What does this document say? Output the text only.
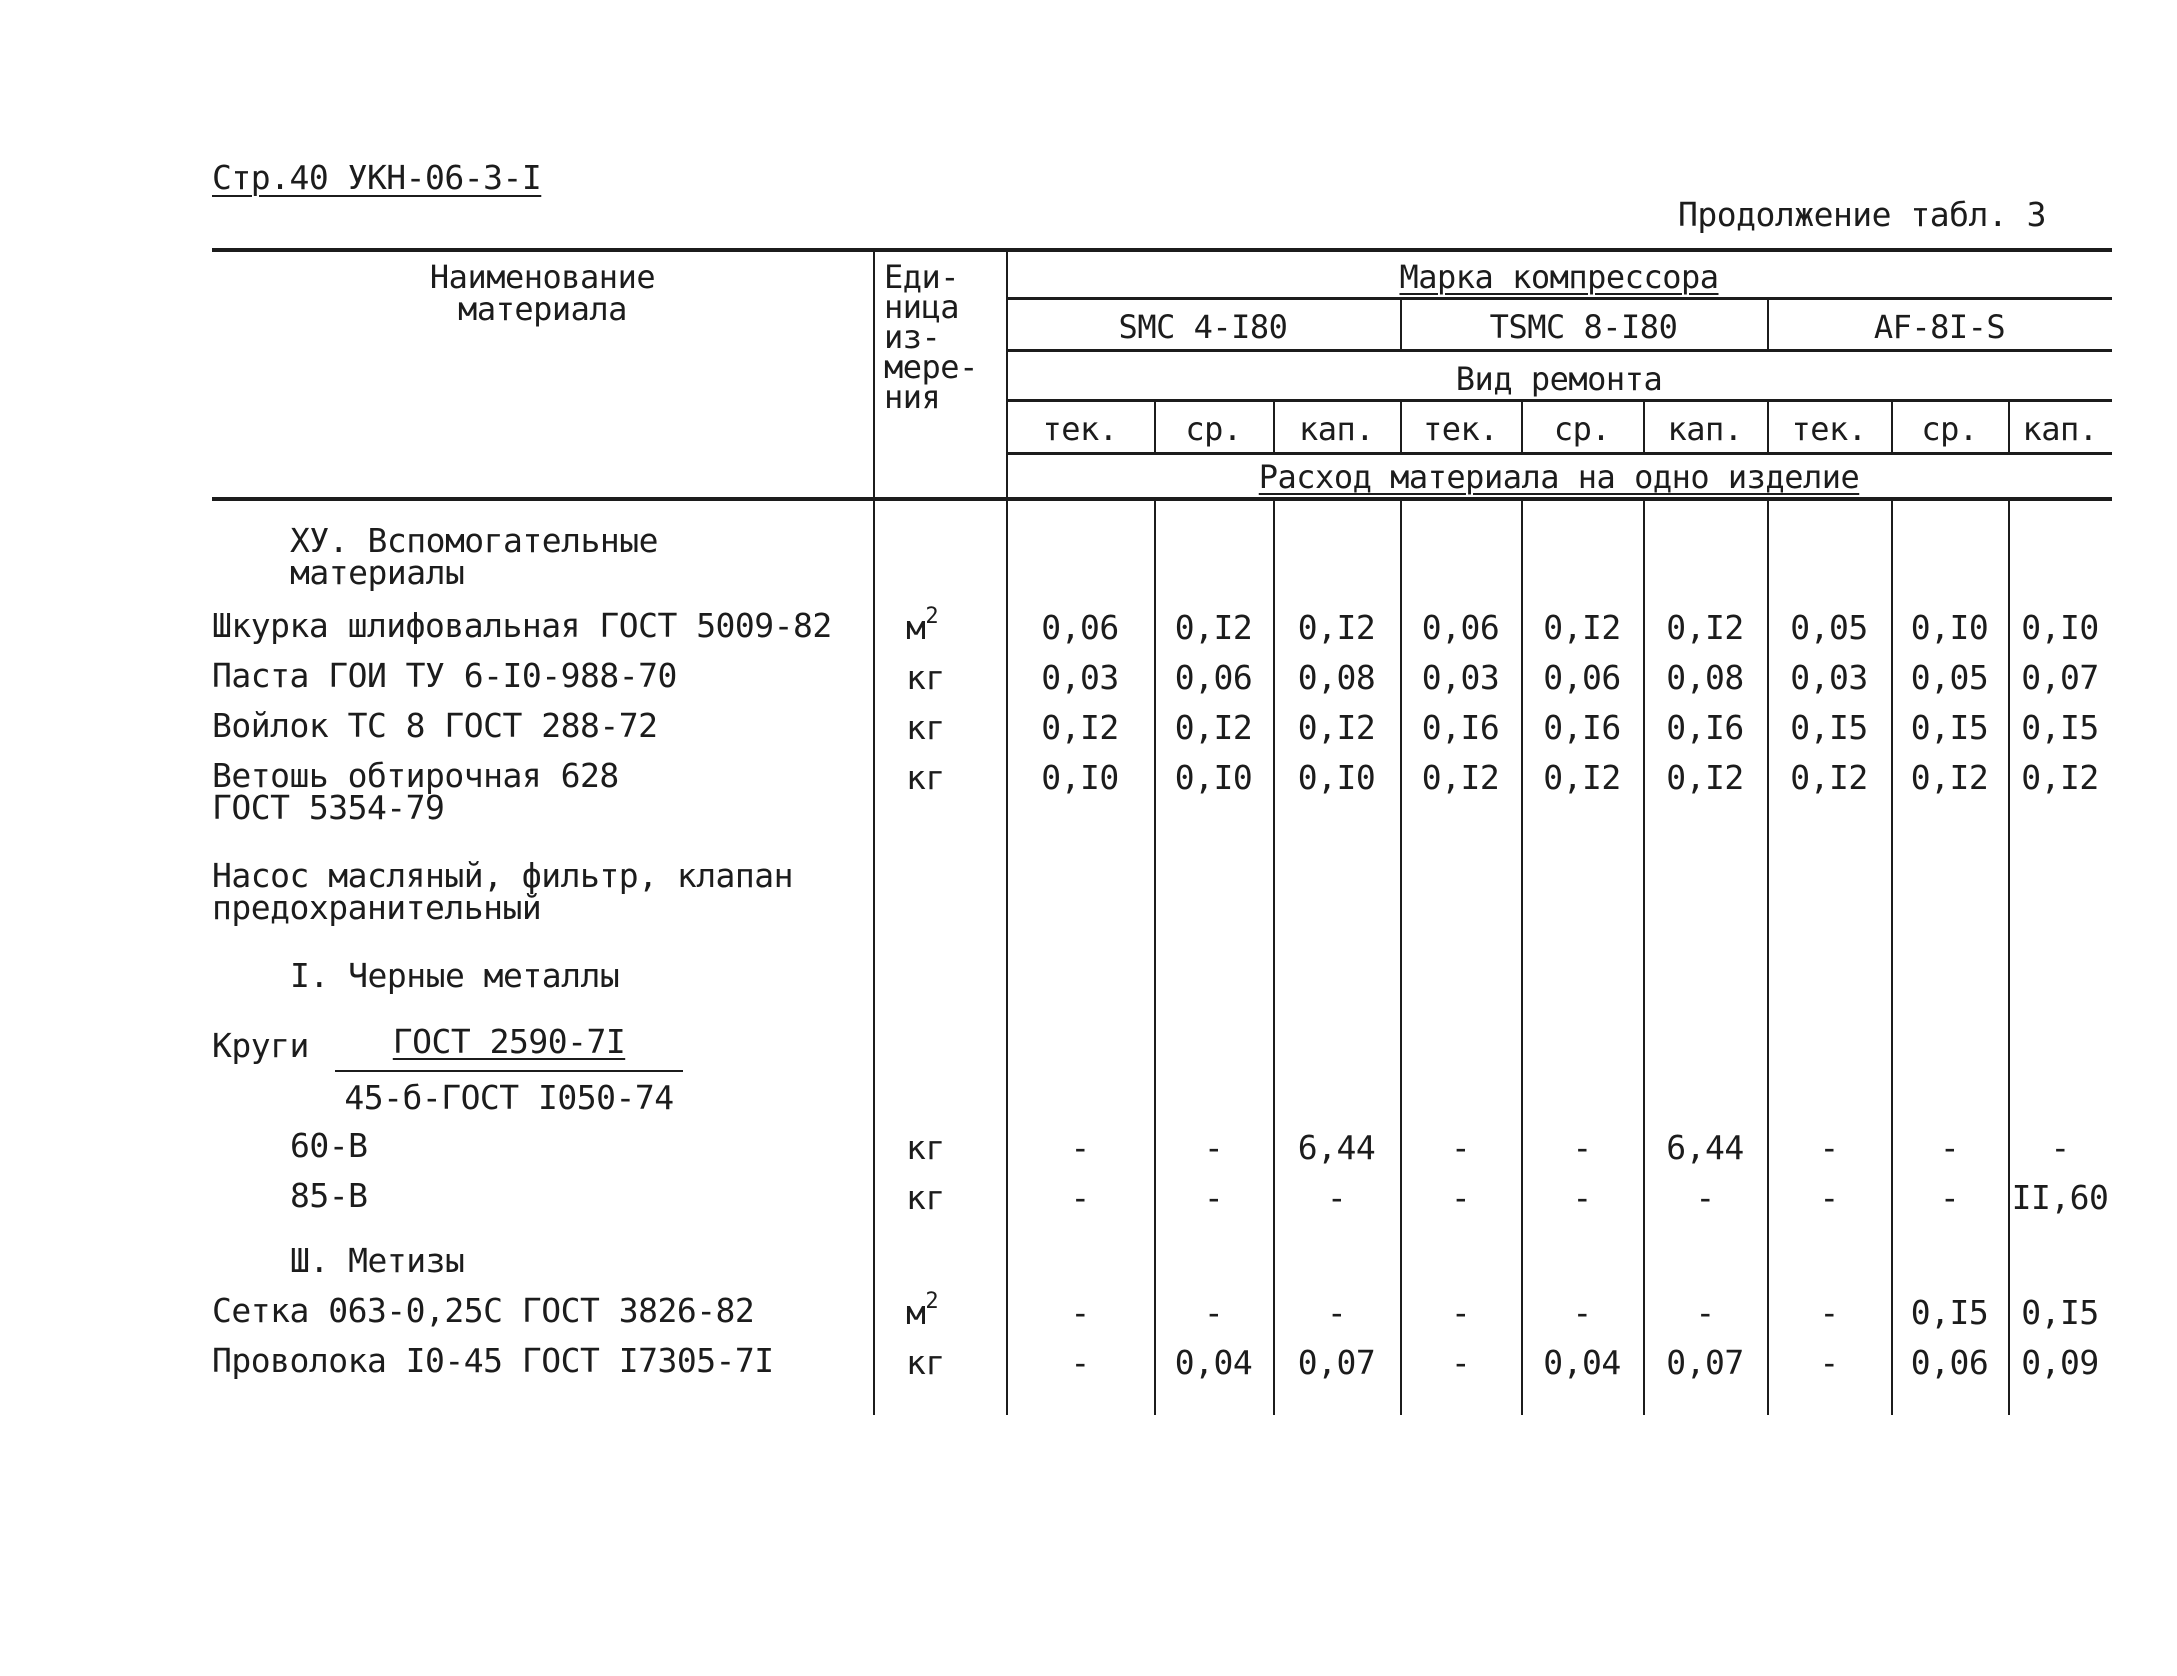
Стр.40 УКН-06-3-I
Продолжение табл. 3
Наименование
материала
Еди-
ница
из-
мере-
ния
Марка компрессора
SMC 4-I80	TSMC 8-I80	AF-8I-S
Вид ремонта
тек.	ср.	кап.	тек.	ср.	кап.	тек.	ср.	кап.
Расход материала на одно изделие
ХУ. Вспомогательные
материалы
Шкурка шлифовальная ГОСТ 5009-82 $м^2$	0,06	0,I2	0,I2	0,06	0,I2	0,I2	0,05	0,I0	0,I0
Паста ГОИ ТУ 6-I0-988-70	кг	0,03	0,06	0,08	0,03	0,06	0,08	0,03	0,05	0,07
Войлок ТС 8 ГОСТ 288-72	кг	0,I2	0,I2	0,I2	0,I6	0,I6	0,I6	0,I5	0,I5	0,I5
Ветошь обтирочная 628
ГОСТ 5354-79
кг	0,I0	0,I0	0,I0	0,I2	0,I2	0,I2	0,I2	0,I2	0,I2
Насос масляный, фильтр, клапан
предохранительный
I. Черные металлы
Круги	ГОСТ 2590-7I
45-б-ГОСТ I050-74
60-В	кг	-	-	6,44	-	-	6,44	-	-	-
85-В	кг	-	-	-	-	-	-	-	-	II,60
Ш. Метизы
Сетка 063-0,25С ГОСТ 3826-82	$м^2$	-	-	-	-	-	-	-	0,I5	0,I5
Проволока I0-45 ГОСТ I7305-7I	кг	-	0,04	0,07	-	0,04	0,07	-	0,06	0,09
